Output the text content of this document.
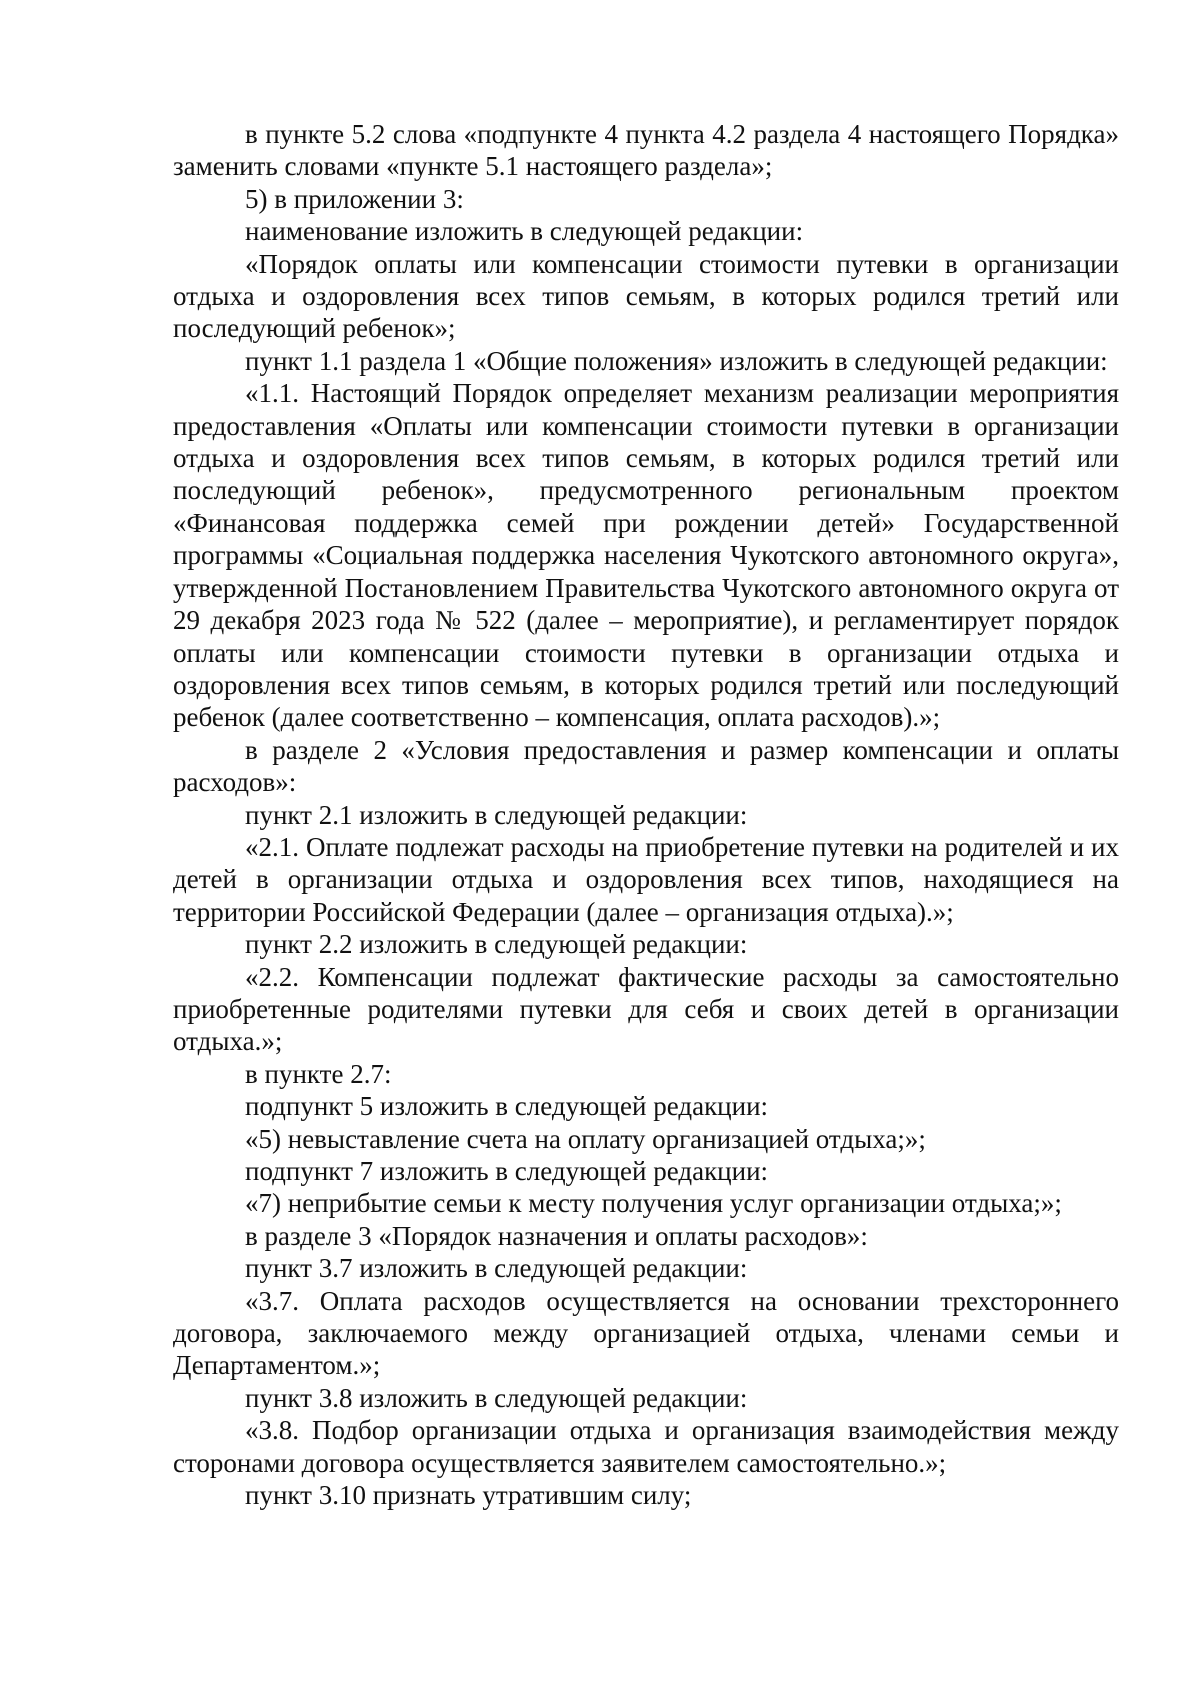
в пункте 5.2 слова «подпункте 4 пункта 4.2 раздела 4 настоящего Порядка» заменить словами «пункте 5.1 настоящего раздела»;

5) в приложении 3:

наименование изложить в следующей редакции:

«Порядок оплаты или компенсации стоимости путевки в организации отдыха и оздоровления всех типов семьям, в которых родился третий или последующий ребенок»;

пункт 1.1 раздела 1 «Общие положения» изложить в следующей редакции:

«1.1. Настоящий Порядок определяет механизм реализации мероприятия предоставления «Оплаты или компенсации стоимости путевки в организации отдыха и оздоровления всех типов семьям, в которых родился третий или последующий ребенок», предусмотренного региональным проектом «Финансовая поддержка семей при рождении детей» Государственной программы «Социальная поддержка населения Чукотского автономного округа», утвержденной Постановлением Правительства Чукотского автономного округа от 29 декабря 2023 года № 522 (далее – мероприятие), и регламентирует порядок оплаты или компенсации стоимости путевки в организации отдыха и оздоровления всех типов семьям, в которых родился третий или последующий ребенок (далее соответственно – компенсация, оплата расходов).»;

в разделе 2 «Условия предоставления и размер компенсации и оплаты расходов»:

пункт 2.1 изложить в следующей редакции:

«2.1. Оплате подлежат расходы на приобретение путевки на родителей и их детей в организации отдыха и оздоровления всех типов, находящиеся на территории Российской Федерации (далее – организация отдыха).»;

пункт 2.2 изложить в следующей редакции:

«2.2. Компенсации подлежат фактические расходы за самостоятельно приобретенные родителями путевки для себя и своих детей в организации отдыха.»;

в пункте 2.7:

подпункт 5 изложить в следующей редакции:

«5) невыставление счета на оплату организацией отдыха;»;

подпункт 7 изложить в следующей редакции:

«7) неприбытие семьи к месту получения услуг организации отдыха;»;

в разделе 3 «Порядок назначения и оплаты расходов»:

пункт 3.7 изложить в следующей редакции:

«3.7. Оплата расходов осуществляется на основании трехстороннего договора, заключаемого между организацией отдыха, членами семьи и Департаментом.»;

пункт 3.8 изложить в следующей редакции:

«3.8. Подбор организации отдыха и организация взаимодействия между сторонами договора осуществляется заявителем самостоятельно.»;

пункт 3.10 признать утратившим силу;
